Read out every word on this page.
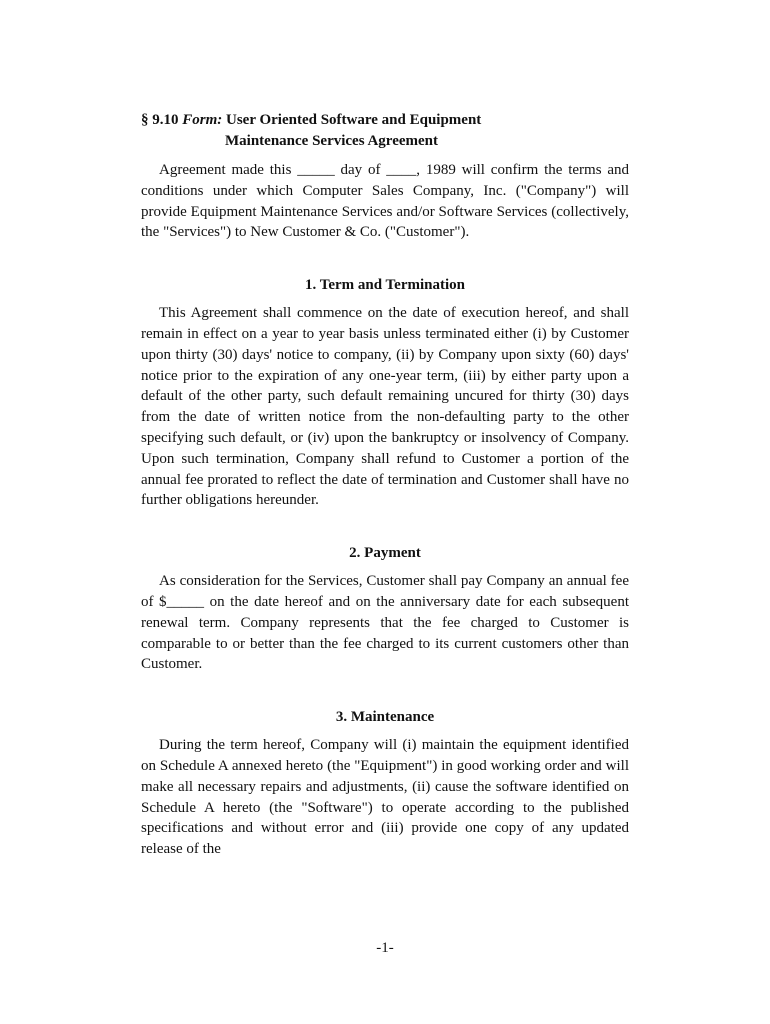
§ 9.10 Form: User Oriented Software and Equipment
Maintenance Services Agreement

Agreement made this _____ day of ____, 1989 will confirm the terms and conditions under which Computer Sales Company, Inc. ("Company") will provide Equipment Maintenance Services and/or Software Services (collectively, the "Services") to New Customer & Co. ("Customer").

1. Term and Termination

This Agreement shall commence on the date of execution hereof, and shall remain in effect on a year to year basis unless terminated either (i) by Customer upon thirty (30) days' notice to company, (ii) by Company upon sixty (60) days' notice prior to the expiration of any one-year term, (iii) by either party upon a default of the other party, such default remaining uncured for thirty (30) days from the date of written notice from the non-defaulting party to the other specifying such default, or (iv) upon the bankruptcy or insolvency of Company. Upon such termination, Company shall refund to Customer a portion of the annual fee prorated to reflect the date of termination and Customer shall have no further obligations hereunder.

2. Payment

As consideration for the Services, Customer shall pay Company an annual fee of $_____ on the date hereof and on the anniversary date for each subsequent renewal term. Company represents that the fee charged to Customer is comparable to or better than the fee charged to its current customers other than Customer.

3. Maintenance

During the term hereof, Company will (i) maintain the equipment identified on Schedule A annexed hereto (the "Equipment") in good working order and will make all necessary repairs and adjustments, (ii) cause the software identified on Schedule A hereto (the "Software") to operate according to the published specifications and without error and (iii) provide one copy of any updated release of the

-1-
